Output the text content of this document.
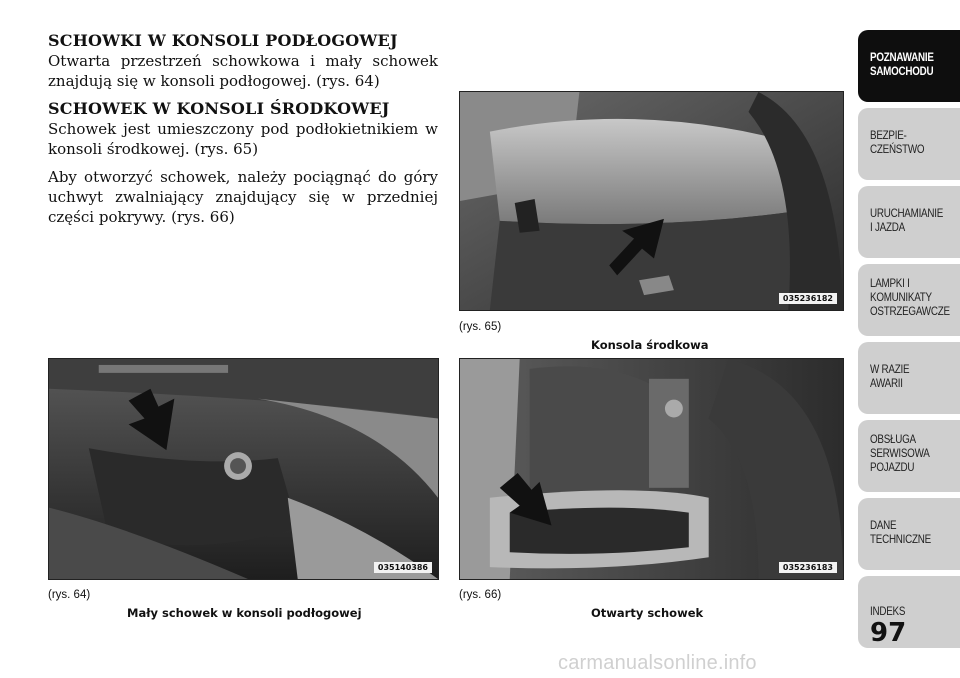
SCHOWKI W KONSOLI PODŁOGOWEJ

Otwarta przestrzeń schowkowa i mały schowek znajdują się w konsoli podłogowej. (rys. 64)

SCHOWEK W KONSOLI ŚRODKOWEJ

Schowek jest umieszczony pod podłokietnikiem w konsoli środkowej. (rys. 65)

Aby otworzyć schowek, należy pociągnąć do góry uchwyt zwalniający znajdujący się w przedniej części pokrywy. (rys. 66)

035236182
(rys. 65)
Konsola środkowa
035140386
(rys. 64)
Mały schowek w konsoli podłogowej
035236183
(rys. 66)
Otwarty schowek
POZNAWANIE
SAMOCHODU
BEZPIE-
CZEŃSTWO
URUCHAMIANIE
I JAZDA
LAMPKI I
KOMUNIKATY
OSTRZEGAWCZE
W RAZIE
AWARII
OBSŁUGA
SERWISOWA
POJAZDU
DANE
TECHNICZNE
INDEKS
97
carmanualsonline.info
